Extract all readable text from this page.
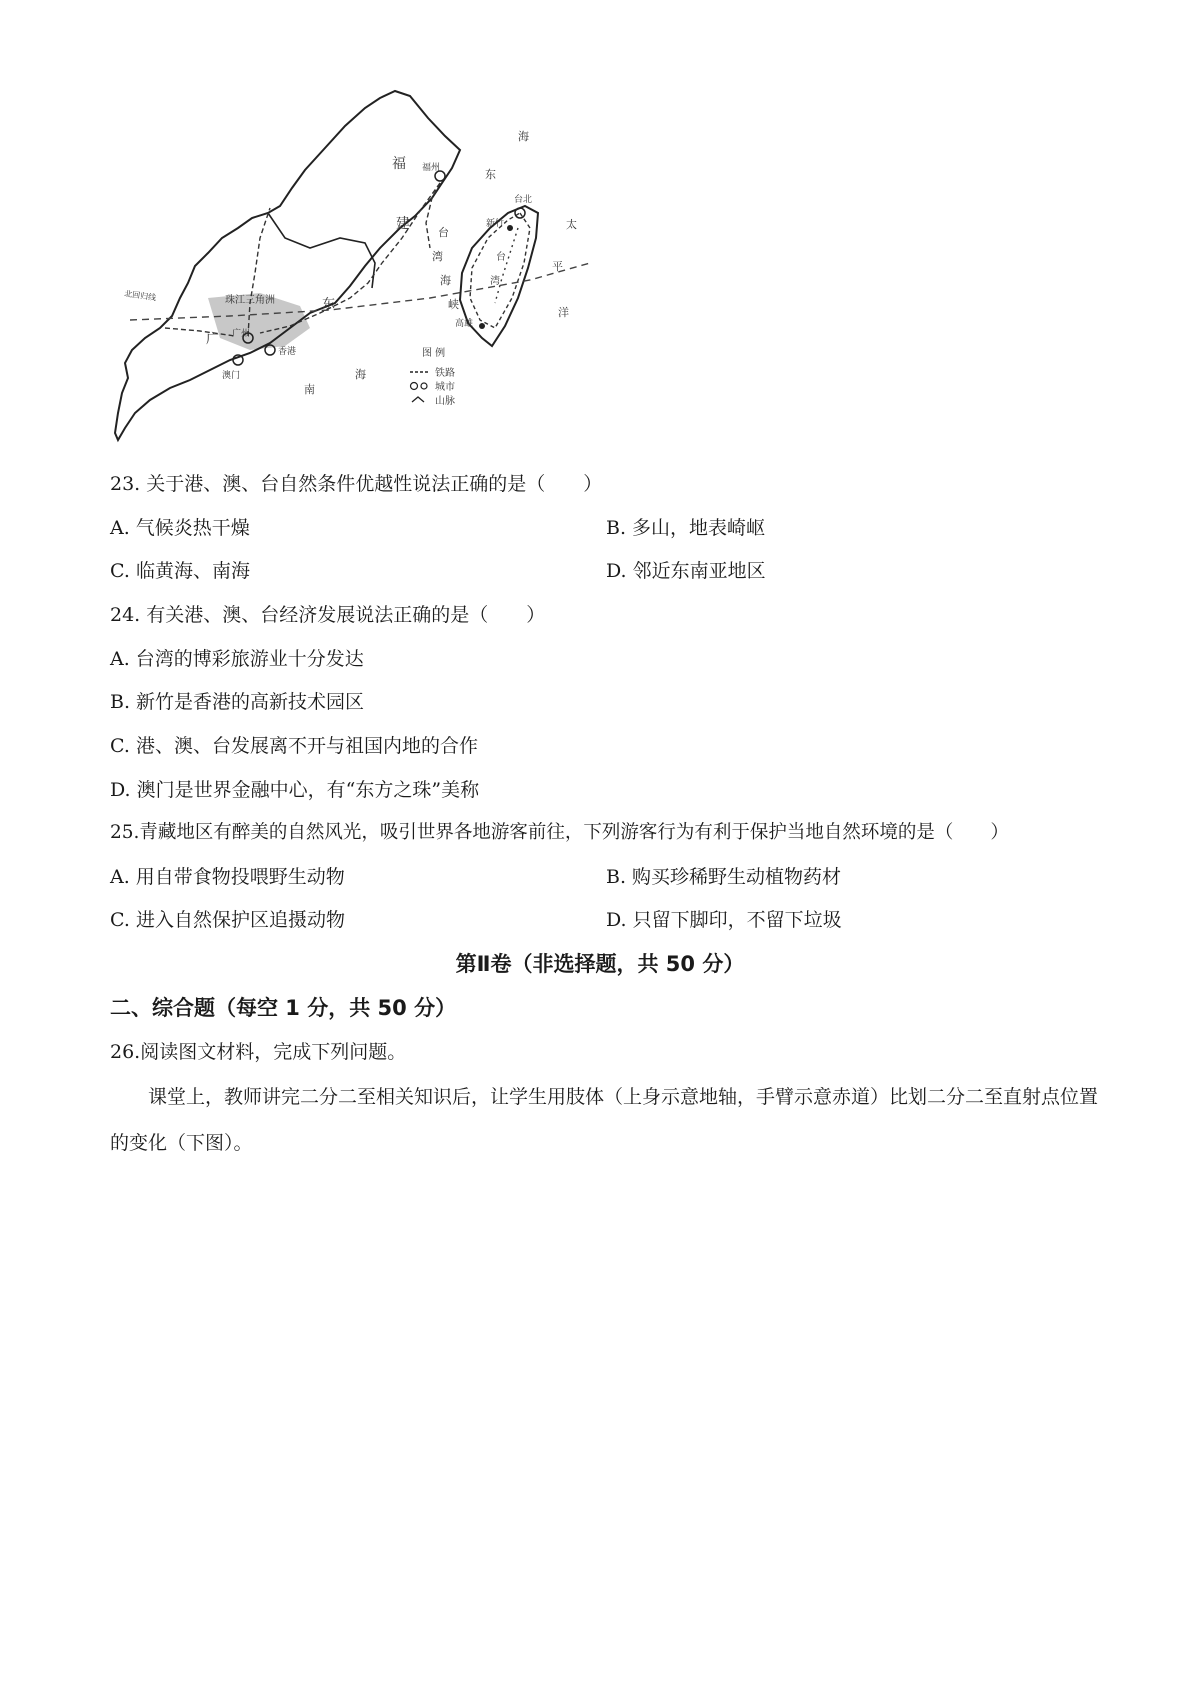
福
建
广
东
珠江三角洲
福州
台北
新竹
高雄
广州
香港
澳门
东
海
台
湾
海
峡
南
海
太
平
洋
台
湾
北回归线
图 例
铁路
城市
山脉
23. 关于港、澳、台自然条件优越性说法正确的是（　　）
A. 气候炎热干燥	B. 多山，地表崎岖
C. 临黄海、南海	D. 邻近东南亚地区
24. 有关港、澳、台经济发展说法正确的是（　　）
A. 台湾的博彩旅游业十分发达
B. 新竹是香港的高新技术园区
C. 港、澳、台发展离不开与祖国内地的合作
D. 澳门是世界金融中心，有“东方之珠”美称
25.青藏地区有醉美的自然风光，吸引世界各地游客前往，下列游客行为有利于保护当地自然环境的是（　　）
A. 用自带食物投喂野生动物	B. 购买珍稀野生动植物药材
C. 进入自然保护区追摄动物	D. 只留下脚印，不留下垃圾
第Ⅱ卷（非选择题，共 50 分）
二、综合题（每空 1 分，共 50 分）
26.阅读图文材料，完成下列问题。
课堂上，教师讲完二分二至相关知识后，让学生用肢体（上身示意地轴，手臂示意赤道）比划二分二至直射点位置的变化（下图）。
